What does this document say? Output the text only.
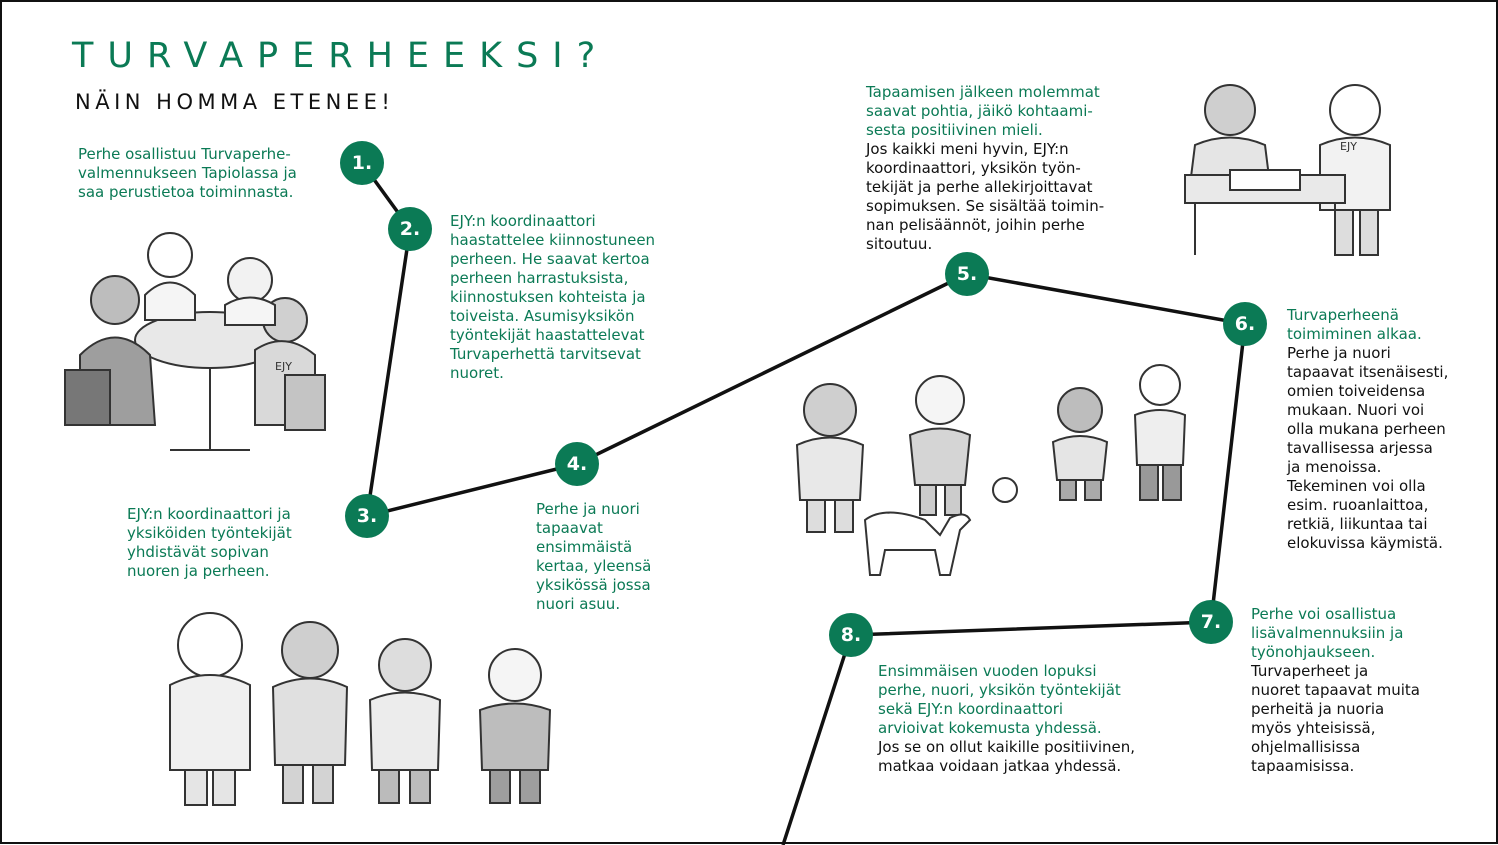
TURVAPERHEEKSI?
NÄIN HOMMA ETENEE!
1.
2.
3.
4.
5.
6.
7.
8.
Perhe osallistuu Turvaperhe-
valmennukseen Tapiolassa ja
saa perustietoa toiminnasta.
EJY:n koordinaattori
haastattelee kiinnostuneen
perheen. He saavat kertoa
perheen harrastuksista,
kiinnostuksen kohteista ja
toiveista. Asumisyksikön
työntekijät haastattelevat
Turvaperhettä tarvitsevat
nuoret.
EJY:n koordinaattori ja
yksiköiden työntekijät
yhdistävät sopivan
nuoren ja perheen.
Perhe ja nuori
tapaavat
ensimmäistä
kertaa, yleensä
yksikössä jossa
nuori asuu.
Tapaamisen jälkeen molemmat
saavat pohtia, jäikö kohtaami-
sesta positiivinen mieli.
Jos kaikki meni hyvin, EJY:n
koordinaattori, yksikön työn-
tekijät ja perhe allekirjoittavat
sopimuksen. Se sisältää toimin-
nan pelisäännöt, joihin perhe
sitoutuu.
Turvaperheenä
toimiminen alkaa.
Perhe ja nuori
tapaavat itsenäisesti,
omien toiveidensa
mukaan. Nuori voi
olla mukana perheen
tavallisessa arjessa
ja menoissa.
Tekeminen voi olla
esim. ruoanlaittoa,
retkiä, liikuntaa tai
elokuvissa käymistä.
Perhe voi osallistua
lisävalmennuksiin ja
työnohjaukseen.
Turvaperheet ja
nuoret tapaavat muita
perheitä ja nuoria
myös yhteisissä,
ohjelmallisissa
tapaamisissa.
Ensimmäisen vuoden lopuksi
perhe, nuori, yksikön työntekijät
sekä EJY:n koordinaattori
arvioivat kokemusta yhdessä.
Jos se on ollut kaikille positiivinen,
matkaa voidaan jatkaa yhdessä.
EJY
EJY
